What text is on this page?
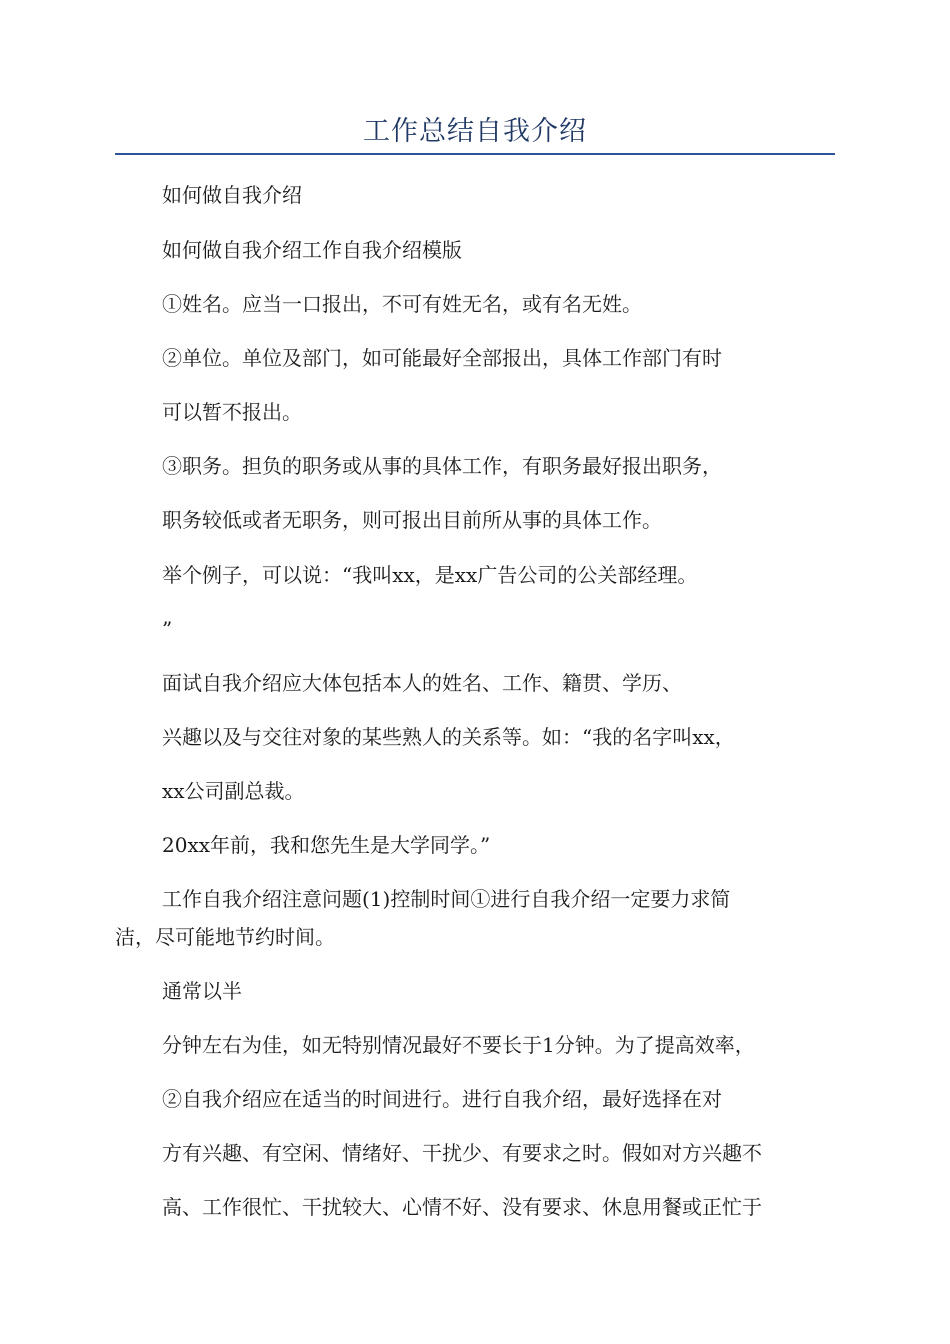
工作总结自我介绍
如何做自我介绍
如何做自我介绍工作自我介绍模版
①姓名。应当一口报出，不可有姓无名，或有名无姓。
②单位。单位及部门，如可能最好全部报出，具体工作部门有时
可以暂不报出。
③职务。担负的职务或从事的具体工作，有职务最好报出职务，
职务较低或者无职务，则可报出目前所从事的具体工作。
举个例子，可以说：“我叫xx，是xx广告公司的公关部经理。
”
面试自我介绍应大体包括本人的姓名、工作、籍贯、学历、
兴趣以及与交往对象的某些熟人的关系等。如：“我的名字叫xx，
xx公司副总裁。
20xx年前，我和您先生是大学同学。”
工作自我介绍注意问题(1)控制时间①进行自我介绍一定要力求简
洁，尽可能地节约时间。
通常以半
分钟左右为佳，如无特别情况最好不要长于1分钟。为了提高效率，
②自我介绍应在适当的时间进行。进行自我介绍，最好选择在对
方有兴趣、有空闲、情绪好、干扰少、有要求之时。假如对方兴趣不
高、工作很忙、干扰较大、心情不好、没有要求、休息用餐或正忙于
